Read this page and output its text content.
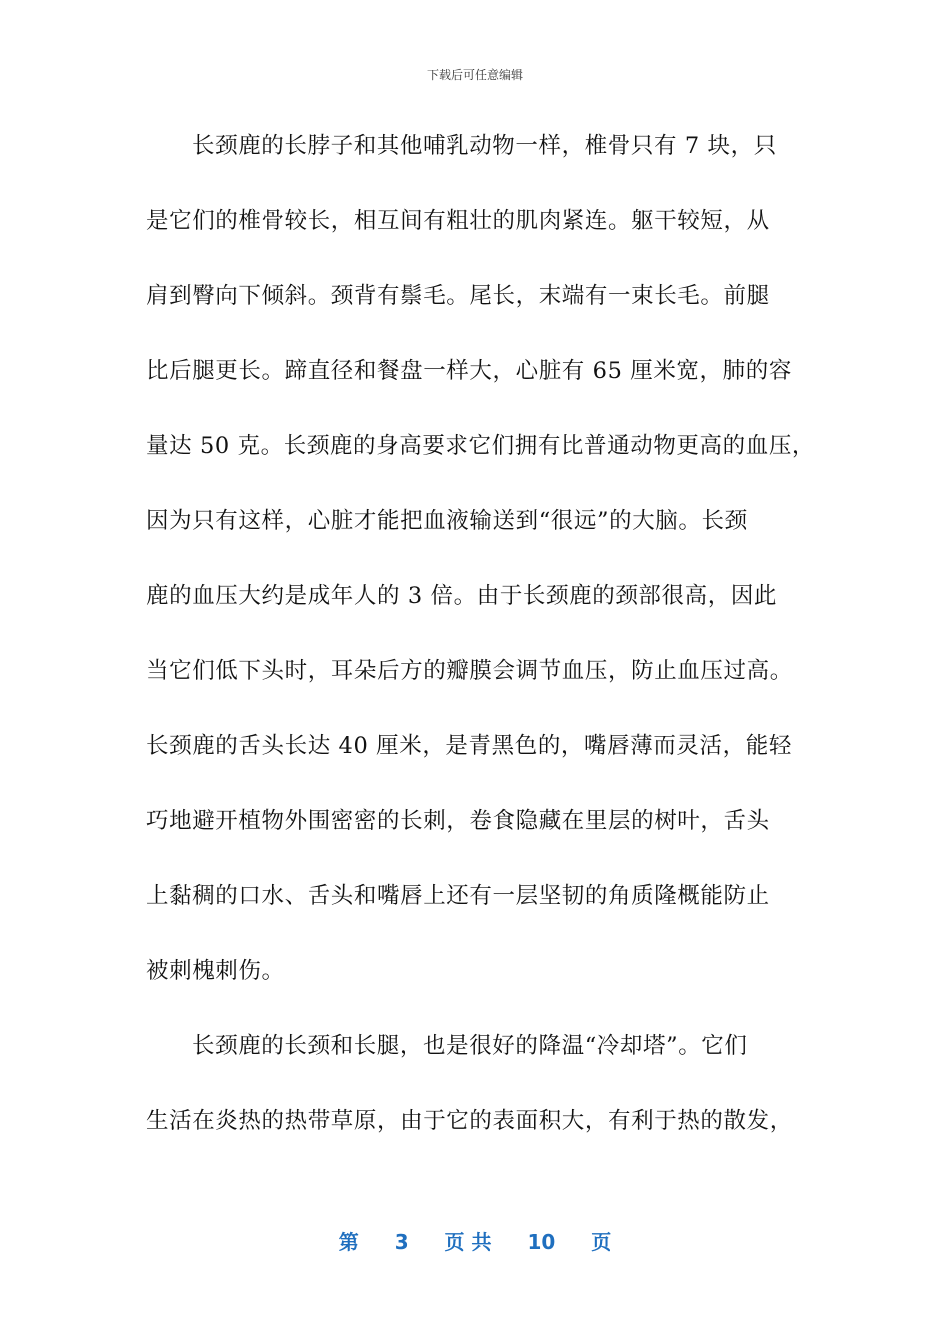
下载后可任意编辑
长颈鹿的长脖子和其他哺乳动物一样，椎骨只有 7 块，只
是它们的椎骨较长，相互间有粗壮的肌肉紧连。躯干较短，从
肩到臀向下倾斜。颈背有鬃毛。尾长，末端有一束长毛。前腿
比后腿更长。蹄直径和餐盘一样大，心脏有 65 厘米宽，肺的容
量达 50 克。长颈鹿的身高要求它们拥有比普通动物更高的血压，
因为只有这样，心脏才能把血液输送到“很远”的大脑。长颈
鹿的血压大约是成年人的 3 倍。由于长颈鹿的颈部很高，因此
当它们低下头时，耳朵后方的瓣膜会调节血压，防止血压过高。
长颈鹿的舌头长达 40 厘米，是青黑色的，嘴唇薄而灵活，能轻
巧地避开植物外围密密的长刺，卷食隐藏在里层的树叶，舌头
上黏稠的口水、舌头和嘴唇上还有一层坚韧的角质隆概能防止
被刺槐刺伤。
长颈鹿的长颈和长腿，也是很好的降温“冷却塔”。它们
生活在炎热的热带草原，由于它的表面积大，有利于热的散发，
第 3 页 共 10 页
